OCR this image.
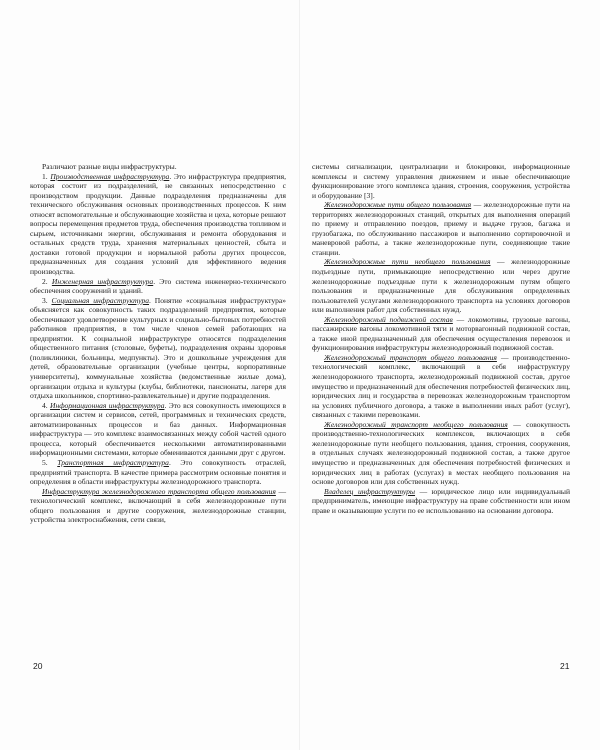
Различают разные виды инфраструктуры.

1. Производственная инфраструктура. Это инфраструктура предприятия, которая состоит из подразделений, не связанных непосредственно с производством продукции. Данные подразделения предназначены для технического обслуживания основных производственных процессов. К ним относят вспомогательные и обслуживающие хозяйства и цеха, которые решают вопросы перемещения предметов труда, обеспечения производства топливом и сырьем, источниками энергии, обслуживания и ремонта оборудования и остальных средств труда, хранения материальных ценностей, сбыта и доставки готовой продукции и нормальной работы других процессов, предназначенных для создания условий для эффективного ведения производства.

2. Инженерная инфраструктура. Это система инженерно-технического обеспечения сооружений и зданий.

3. Социальная инфраструктура. Понятие «социальная инфраструктура» объясняется как совокупность таких подразделений предприятия, которые обеспечивают удовлетворение культурных и социально-бытовых потребностей работников предприятия, в том числе членов семей работающих на предприятии. К социальной инфраструктуре относятся подразделения общественного питания (столовые, буфеты), подразделения охраны здоровья (поликлиники, больницы, медпункты). Это и дошкольные учреждения для детей, образовательные организации (учебные центры, корпоративные университеты), коммунальные хозяйства (ведомственные жилые дома), организации отдыха и культуры (клубы, библиотеки, пансионаты, лагеря для отдыха школьников, спортивно-развлекательные) и другие подразделения.

4. Информационная инфраструктура. Это вся совокупность имеющихся в организации систем и сервисов, сетей, программных и технических средств, автоматизированных процессов и баз данных. Информационная инфраструктура — это комплекс взаимосвязанных между собой частей одного процесса, который обеспечивается несколькими автоматизированными информационными системами, которые обмениваются данными друг с другом.

5. Транспортная инфраструктура. Это совокупность отраслей, предприятий транспорта. В качестве примера рассмотрим основные понятия и определения в области инфраструктуры железнодорожного транспорта.

Инфраструктура железнодорожного транспорта общего пользования — технологический комплекс, включающий в себя железнодорожные пути общего пользования и другие сооружения, железнодорожные станции, устройства электроснабжения, сети связи,

системы сигнализации, централизации и блокировки, информационные комплексы и систему управления движением и иные обеспечивающие функционирование этого комплекса здания, строения, сооружения, устройства и оборудование [3].

Железнодорожные пути общего пользования — железнодорожные пути на территориях железнодорожных станций, открытых для выполнения операций по приему и отправлению поездов, приему и выдаче грузов, багажа и грузобагажа, по обслуживанию пассажиров и выполнению сортировочной и маневровой работы, а также железнодорожные пути, соединяющие такие станции.

Железнодорожные пути необщего пользования — железнодорожные подъездные пути, примыкающие непосредственно или через другие железнодорожные подъездные пути к железнодорожным путям общего пользования и предназначенные для обслуживания определенных пользователей услугами железнодорожного транспорта на условиях договоров или выполнения работ для собственных нужд.

Железнодорожный подвижной состав — локомотивы, грузовые вагоны, пассажирские вагоны локомотивной тяги и моторвагонный подвижной состав, а также иной предназначенный для обеспечения осуществления перевозок и функционирования инфраструктуры железнодорожный подвижной состав.

Железнодорожный транспорт общего пользования — производственно-технологический комплекс, включающий в себя инфраструктуру железнодорожного транспорта, железнодорожный подвижной состав, другое имущество и предназначенный для обеспечения потребностей физических лиц, юридических лиц и государства в перевозках железнодорожным транспортом на условиях публичного договора, а также в выполнении иных работ (услуг), связанных с такими перевозками.

Железнодорожный транспорт необщего пользования — совокупность производственно-технологических комплексов, включающих в себя железнодорожные пути необщего пользования, здания, строения, сооружения, в отдельных случаях железнодорожный подвижной состав, а также другое имущество и предназначенных для обеспечения потребностей физических и юридических лиц в работах (услугах) в местах необщего пользования на основе договоров или для собственных нужд.

Владелец инфраструктуры — юридическое лицо или индивидуальный предприниматель, имеющие инфраструктуру на праве собственности или ином праве и оказывающие услуги по ее использованию на основании договора.

20	21
